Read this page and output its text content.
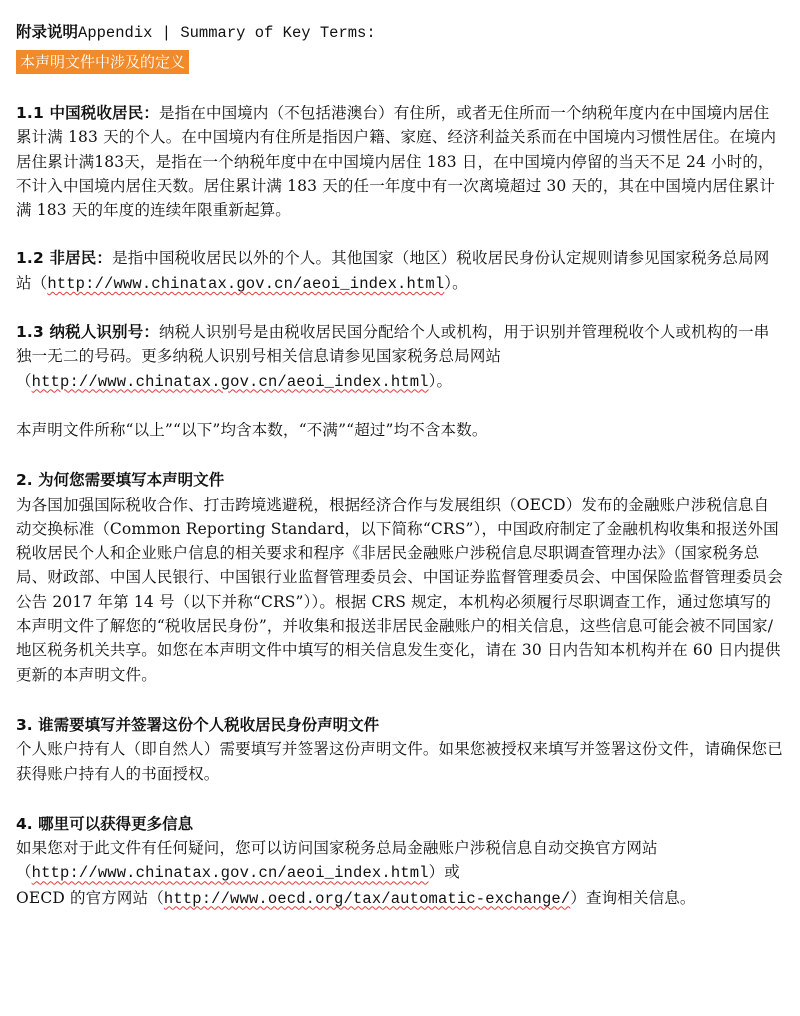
附录说明Appendix | Summary of Key Terms:
本声明文件中涉及的定义

1.1 中国税收居民：是指在中国境内（不包括港澳台）有住所，或者无住所而一个纳税年度内在中国境内居住累计满 183 天的个人。在中国境内有住所是指因户籍、家庭、经济利益关系而在中国境内习惯性居住。在境内居住累计满183天，是指在一个纳税年度中在中国境内居住 183 日，在中国境内停留的当天不足 24 小时的，不计入中国境内居住天数。居住累计满 183 天的任一年度中有一次离境超过 30 天的，其在中国境内居住累计满 183 天的年度的连续年限重新起算。

1.2 非居民：是指中国税收居民以外的个人。其他国家（地区）税收居民身份认定规则请参见国家税务总局网站（http://www.chinatax.gov.cn/aeoi_index.html）。

1.3 纳税人识别号：纳税人识别号是由税收居民国分配给个人或机构，用于识别并管理税收个人或机构的一串独一无二的号码。更多纳税人识别号相关信息请参见国家税务总局网站（http://www.chinatax.gov.cn/aeoi_index.html）。

本声明文件所称“以上”“以下”均含本数，“不满”“超过”均不含本数。

2. 为何您需要填写本声明文件

为各国加强国际税收合作、打击跨境逃避税，根据经济合作与发展组织（OECD）发布的金融账户涉税信息自动交换标准（Common Reporting Standard，以下简称“CRS”），中国政府制定了金融机构收集和报送外国税收居民个人和企业账户信息的相关要求和程序《非居民金融账户涉税信息尽职调查管理办法》（国家税务总局、财政部、中国人民银行、中国银行业监督管理委员会、中国证券监督管理委员会、中国保险监督管理委员会公告 2017 年第 14 号（以下并称“CRS”））。根据 CRS 规定，本机构必须履行尽职调查工作，通过您填写的本声明文件了解您的“税收居民身份”，并收集和报送非居民金融账户的相关信息，这些信息可能会被不同国家/地区税务机关共享。如您在本声明文件中填写的相关信息发生变化，请在 30 日内告知本机构并在 60 日内提供更新的本声明文件。

3. 谁需要填写并签署这份个人税收居民身份声明文件

个人账户持有人（即自然人）需要填写并签署这份声明文件。如果您被授权来填写并签署这份文件，请确保您已获得账户持有人的书面授权。

4. 哪里可以获得更多信息

如果您对于此文件有任何疑问，您可以访问国家税务总局金融账户涉税信息自动交换官方网站

（http://www.chinatax.gov.cn/aeoi_index.html）或

OECD 的官方网站（http://www.oecd.org/tax/automatic-exchange/）查询相关信息。
